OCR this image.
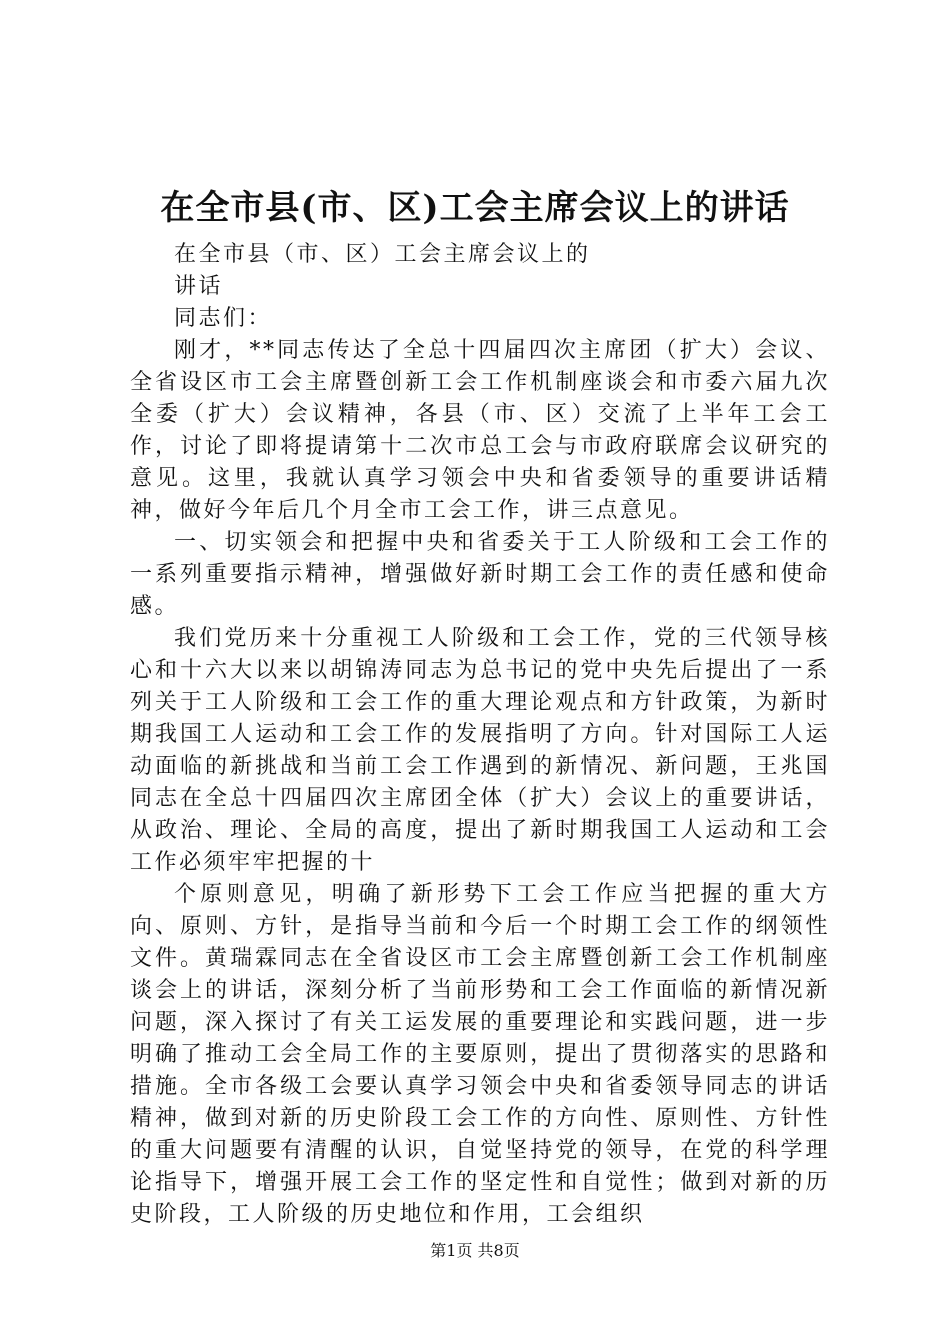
在全市县(市、区)工会主席会议上的讲话

在全市县（市、区）工会主席会议上的

讲话

同志们：

刚才，**同志传达了全总十四届四次主席团（扩大）会议、全省设区市工会主席暨创新工会工作机制座谈会和市委六届九次全委（扩大）会议精神，各县（市、区）交流了上半年工会工作，讨论了即将提请第十二次市总工会与市政府联席会议研究的意见。这里，我就认真学习领会中央和省委领导的重要讲话精神，做好今年后几个月全市工会工作，讲三点意见。

一、切实领会和把握中央和省委关于工人阶级和工会工作的一系列重要指示精神，增强做好新时期工会工作的责任感和使命感。

我们党历来十分重视工人阶级和工会工作，党的三代领导核心和十六大以来以胡锦涛同志为总书记的党中央先后提出了一系列关于工人阶级和工会工作的重大理论观点和方针政策，为新时期我国工人运动和工会工作的发展指明了方向。针对国际工人运动面临的新挑战和当前工会工作遇到的新情况、新问题，王兆国同志在全总十四届四次主席团全体（扩大）会议上的重要讲话，从政治、理论、全局的高度，提出了新时期我国工人运动和工会工作必须牢牢把握的十

个原则意见，明确了新形势下工会工作应当把握的重大方向、原则、方针，是指导当前和今后一个时期工会工作的纲领性文件。黄瑞霖同志在全省设区市工会主席暨创新工会工作机制座谈会上的讲话，深刻分析了当前形势和工会工作面临的新情况新问题，深入探讨了有关工运发展的重要理论和实践问题，进一步明确了推动工会全局工作的主要原则，提出了贯彻落实的思路和措施。全市各级工会要认真学习领会中央和省委领导同志的讲话精神，做到对新的历史阶段工会工作的方向性、原则性、方针性的重大问题要有清醒的认识，自觉坚持党的领导，在党的科学理论指导下，增强开展工会工作的坚定性和自觉性；做到对新的历史阶段，工人阶级的历史地位和作用，工会组织

第1页 共8页
